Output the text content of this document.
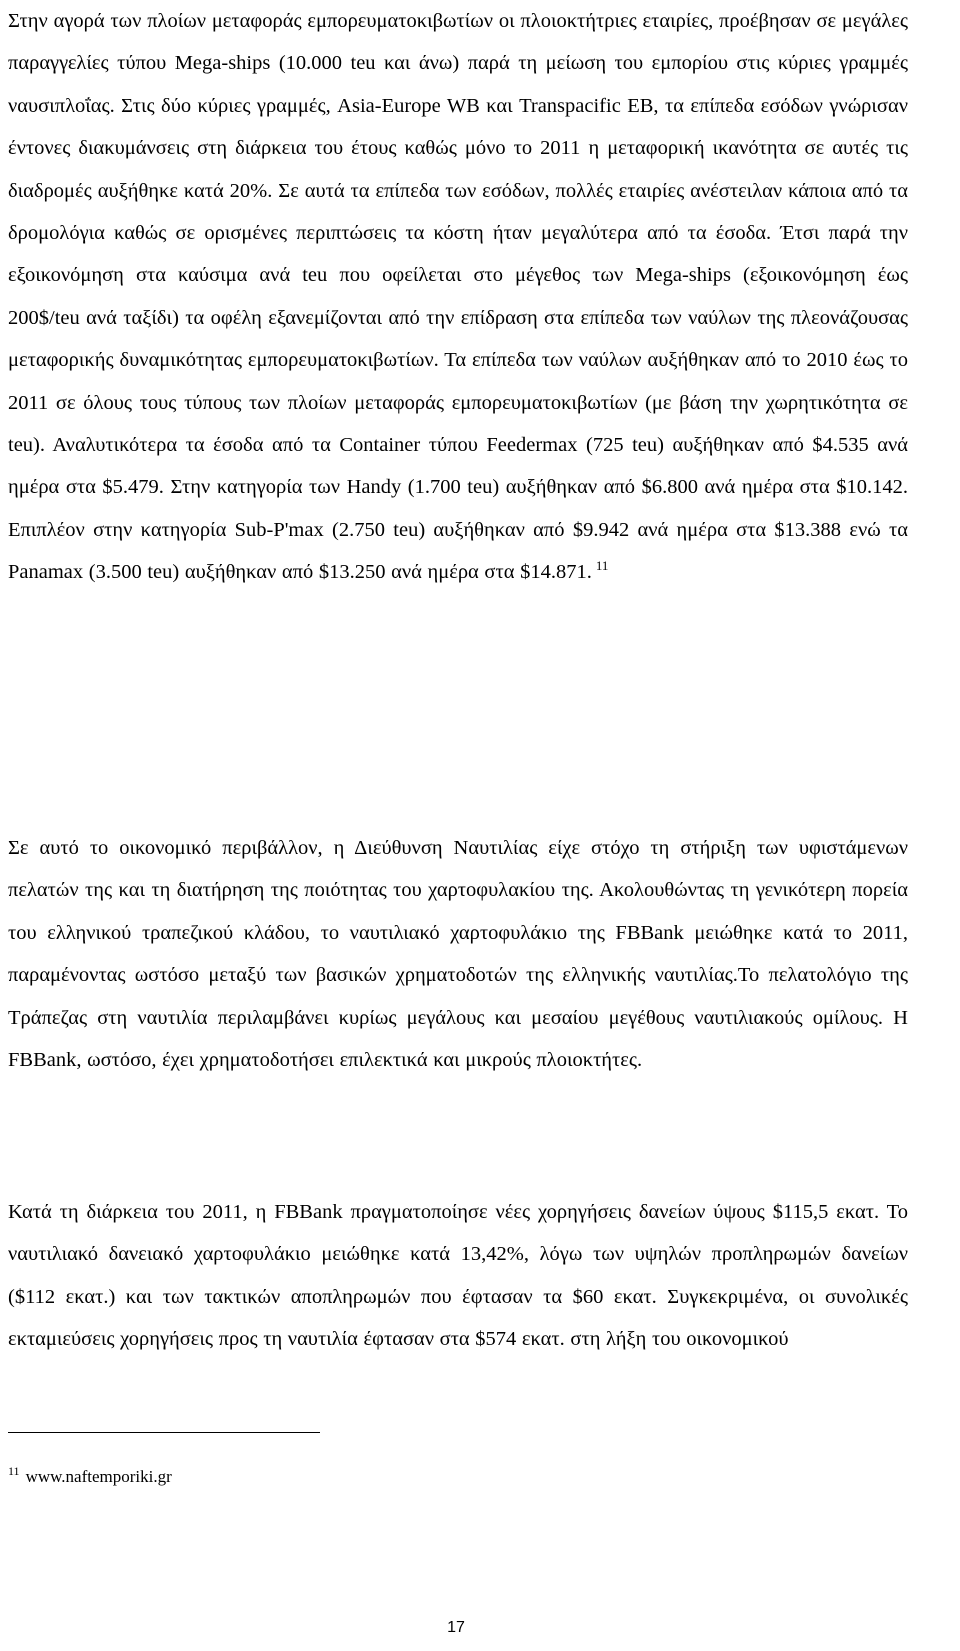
Στην αγορά των πλοίων μεταφοράς εμπορευματοκιβωτίων οι πλοιοκτήτριες εταιρίες, προέβησαν σε μεγάλες παραγγελίες τύπου Mega-ships (10.000 teu και άνω) παρά τη μείωση του εμπορίου στις κύριες γραμμές ναυσιπλοΐας. Στις δύο κύριες γραμμές, Asia-Europe WB και Transpacific EB, τα επίπεδα εσόδων γνώρισαν έντονες διακυμάνσεις στη διάρκεια του έτους καθώς μόνο το 2011 η μεταφορική ικανότητα σε αυτές τις διαδρομές αυξήθηκε κατά 20%. Σε αυτά τα επίπεδα των εσόδων, πολλές εταιρίες ανέστειλαν κάποια από τα δρομολόγια καθώς σε ορισμένες περιπτώσεις τα κόστη ήταν μεγαλύτερα από τα έσοδα. Έτσι παρά την εξοικονόμηση στα καύσιμα ανά teu που οφείλεται στο μέγεθος των Mega-ships (εξοικονόμηση έως 200$/teu ανά ταξίδι) τα οφέλη εξανεμίζονται από την επίδραση στα επίπεδα των ναύλων της πλεονάζουσας μεταφορικής δυναμικότητας εμπορευματοκιβωτίων. Τα επίπεδα των ναύλων αυξήθηκαν από το 2010 έως το 2011 σε όλους τους τύπους των πλοίων μεταφοράς εμπορευματοκιβωτίων (με βάση την χωρητικότητα σε teu). Αναλυτικότερα τα έσοδα από τα Container τύπου Feedermax (725 teu) αυξήθηκαν από $4.535 ανά ημέρα στα $5.479. Στην κατηγορία των Handy (1.700 teu) αυξήθηκαν από $6.800 ανά ημέρα στα $10.142. Επιπλέον στην κατηγορία Sub-P'max (2.750 teu) αυξήθηκαν από $9.942 ανά ημέρα στα $13.388 ενώ τα Panamax (3.500 teu) αυξήθηκαν από $13.250 ανά ημέρα στα $14.871. $^{11}$

Σε αυτό το οικονομικό περιβάλλον, η Διεύθυνση Ναυτιλίας είχε στόχο τη στήριξη των υφιστάμενων πελατών της και τη διατήρηση της ποιότητας του χαρτοφυλακίου της. Ακολουθώντας τη γενικότερη πορεία του ελληνικού τραπεζικού κλάδου, το ναυτιλιακό χαρτοφυλάκιο της FBBank μειώθηκε κατά το 2011, παραμένοντας ωστόσο μεταξύ των βασικών χρηματοδοτών της ελληνικής ναυτιλίας.Το πελατολόγιο της Τράπεζας στη ναυτιλία περιλαμβάνει κυρίως μεγάλους και μεσαίου μεγέθους ναυτιλιακούς ομίλους. Η FBBank, ωστόσο, έχει χρηματοδοτήσει επιλεκτικά και μικρούς πλοιοκτήτες.

Κατά τη διάρκεια του 2011, η FBBank πραγματοποίησε νέες χορηγήσεις δανείων ύψους $115,5 εκατ. Το ναυτιλιακό δανειακό χαρτοφυλάκιο μειώθηκε κατά 13,42%, λόγω των υψηλών προπληρωμών δανείων ($112 εκατ.) και των τακτικών αποπληρωμών που έφτασαν τα $60 εκατ. Συγκεκριμένα, οι συνολικές εκταμιεύσεις χορηγήσεις προς τη ναυτιλία έφτασαν στα $574 εκατ. στη λήξη του οικονομικού

$^{11}$ www.naftemporiki.gr
17
